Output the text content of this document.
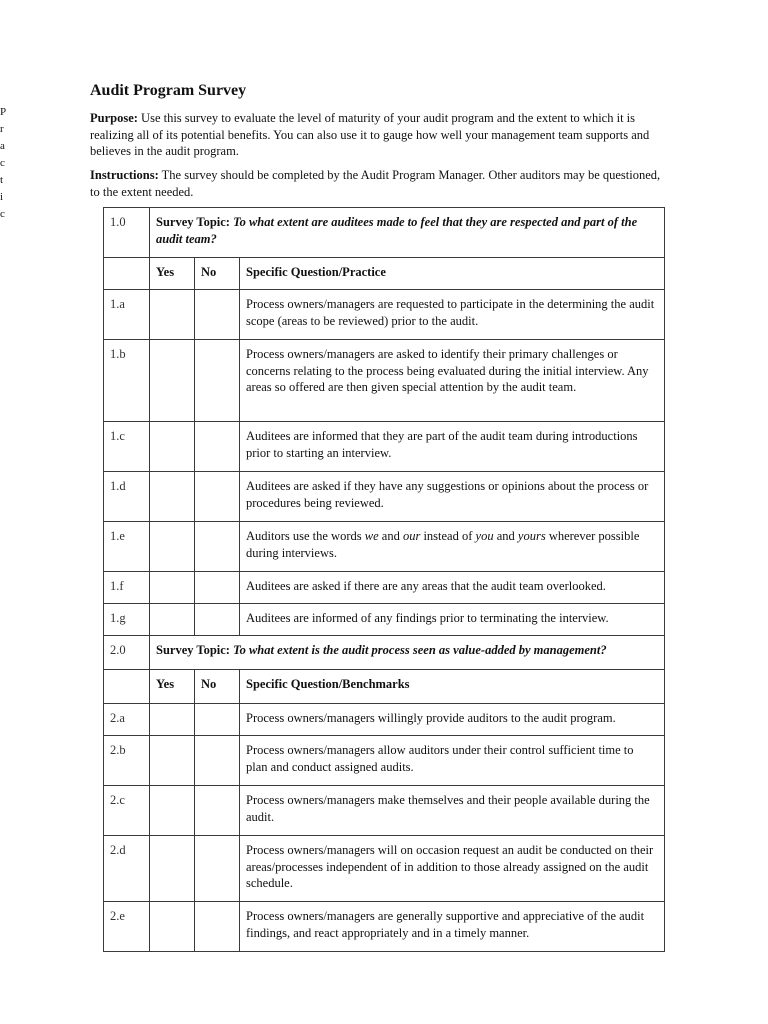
P
r
a
c
t
i
c
Audit Program Survey

Purpose: Use this survey to evaluate the level of maturity of your audit program and the extent to which it is realizing all of its potential benefits. You can also use it to gauge how well your management team supports and believes in the audit program.

Instructions: The survey should be completed by the Audit Program Manager. Other auditors may be questioned, to the extent needed.

1.0	Survey Topic: To what extent are auditees made to feel that they are respected and part of the audit team?		
	Yes	No	Specific Question/Practice
1.a			Process owners/managers are requested to participate in the determining the audit scope (areas to be reviewed) prior to the audit.
1.b			Process owners/managers are asked to identify their primary challenges or concerns relating to the process being evaluated during the initial interview. Any areas so offered are then given special attention by the audit team.
1.c			Auditees are informed that they are part of the audit team during introductions prior to starting an interview.
1.d			Auditees are asked if they have any suggestions or opinions about the process or procedures being reviewed.
1.e			Auditors use the words we and our instead of you and yours wherever possible during interviews.
1.f			Auditees are asked if there are any areas that the audit team overlooked.
1.g			Auditees are informed of any findings prior to terminating the interview.
2.0	Survey Topic: To what extent is the audit process seen as value-added by management?		
	Yes	No	Specific Question/Benchmarks
2.a			Process owners/managers willingly provide auditors to the audit program.
2.b			Process owners/managers allow auditors under their control sufficient time to plan and conduct assigned audits.
2.c			Process owners/managers make themselves and their people available during the audit.
2.d			Process owners/managers will on occasion request an audit be conducted on their areas/processes independent of in addition to those already assigned on the audit schedule.
2.e			Process owners/managers are generally supportive and appreciative of the audit findings, and react appropriately and in a timely manner.
